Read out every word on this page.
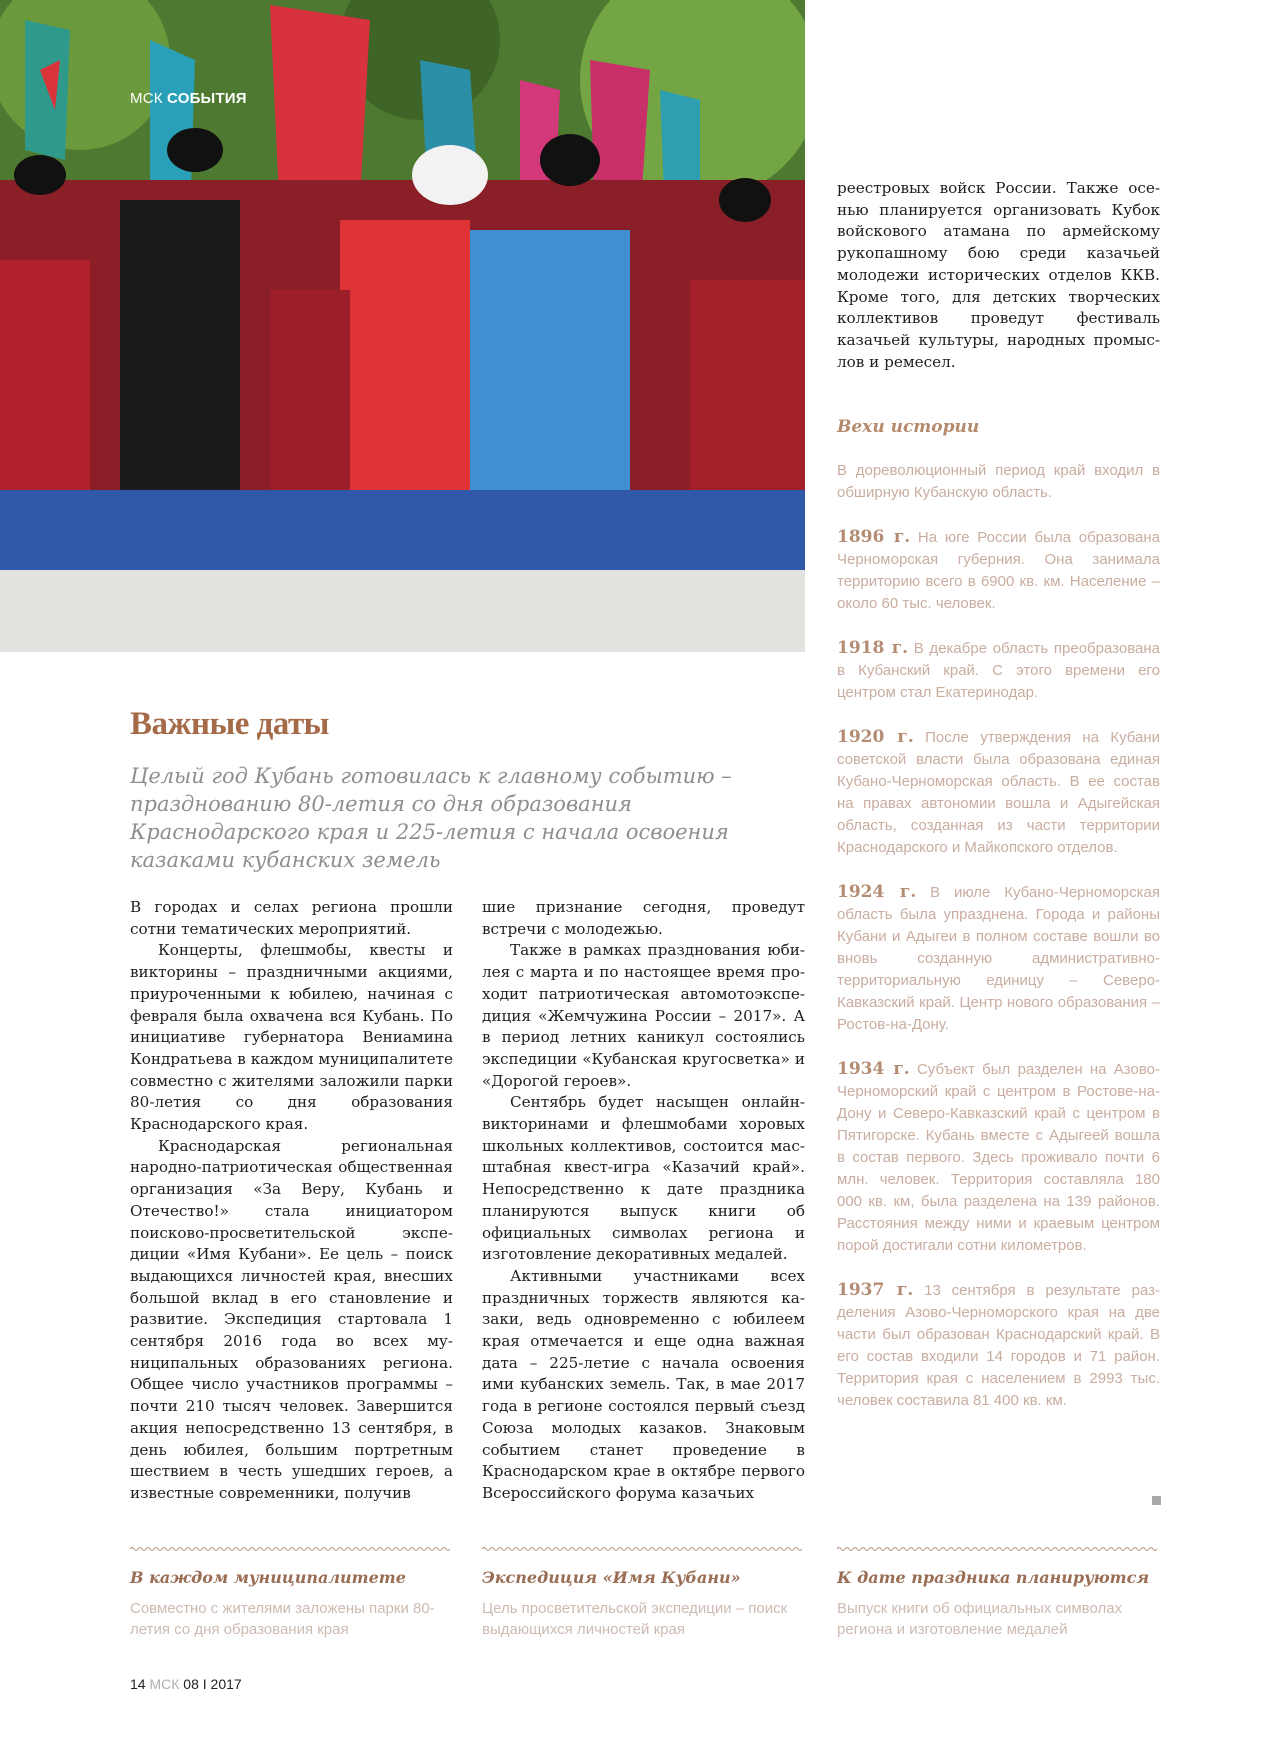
МСК СОБЫТИЯ
Важные даты

Целый год Кубань готовилась к главному событию – празднованию 80-летия со дня образования Краснодарского края и 225-летия с начала освоения казаками кубанских земель

В городах и селах региона прошли сотни тематических мероприятий.

Концерты, флешмобы, квесты и викторины – праздничными акциями, приуроченными к юбилею, начиная с февраля была охвачена вся Кубань. По инициативе губернатора Вениамина Кондратьева в каждом муниципалитете совместно с жителями заложили парки 80-летия со дня образования Краснодарского края.

Краснодарская региональная народно-патриотическая общественная организация «За Веру, Кубань и Отечество!» стала инициатором поисково-просветительской экспедиции «Имя Кубани». Ее цель – поиск выдающихся личностей края, внесших большой вклад в его становление и развитие. Экспедиция стартовала 1 сентября 2016 года во всех муниципальных образованиях региона. Общее число участников программы – почти 210 тысяч человек. Завершится акция непосредственно 13 сентября, в день юбилея, большим портретным шествием в честь ушедших героев, а известные современники, получив

шие признание сегодня, проведут встречи с молодежью.

Также в рамках празднования юбилея с марта и по настоящее время проходит патриотическая автомотоэкспедиция «Жемчужина России – 2017». А в период летних каникул состоялись экспедиции «Кубанская кругосветка» и «Дорогой героев».

Сентябрь будет насыщен онлайн-викторинами и флешмобами хоровых школьных коллективов, состоится масштабная квест-игра «Казачий край». Непосредственно к дате праздника планируются выпуск книги об официальных символах региона и изготовление декоративных медалей.

Активными участниками всех праздничных торжеств являются казаки, ведь одновременно с юбилеем края отмечается и еще одна важная дата – 225-летие с начала освоения ими кубанских земель. Так, в мае 2017 года в регионе состоялся первый съезд Союза молодых казаков. Знаковым событием станет проведение в Краснодарском крае в октябре первого Всероссийского форума казачьих

реестровых войск России. Также осенью планируется организовать Кубок войскового атамана по армейскому рукопашному бою среди казачьей молодежи исторических отделов ККВ. Кроме того, для детских творческих коллективов проведут фестиваль казачьей культуры, народных промыслов и ремесел.

Вехи истории

В дореволюционный период край входил в обширную Кубанскую область.

1896 г. На юге России была образована Черноморская губерния. Она занимала территорию всего в 6900 кв. км. Население – около 60 тыс. человек.

1918 г. В декабре область преобразована в Кубанский край. С этого времени его центром стал Екатеринодар.

1920 г. После утверждения на Кубани советской власти была образована единая Кубано-Черноморская область. В ее состав на правах автономии вошла и Адыгейская область, созданная из части территории Краснодарского и Майкопского отделов.

1924 г. В июле Кубано-Черноморская область была упразднена. Города и районы Кубани и Адыгеи в полном составе вошли во вновь созданную административно-территориальную единицу – Северо-Кавказский край. Центр нового образования – Ростов-на-Дону.

1934 г. Субъект был разделен на Азово-Черноморский край с центром в Ростове-на-Дону и Северо-Кавказский край с центром в Пятигорске. Кубань вместе с Адыгеей вошла в состав первого. Здесь проживало почти 6 млн. человек. Территория составляла 180 000 кв. км, была разделена на 139 районов. Расстояния между ними и краевым центром порой достигали сотни километров.

1937 г. 13 сентября в результате разделения Азово-Черноморского края на две части был образован Краснодарский край. В его состав входили 14 городов и 71 район. Территория края с населением в 2993 тыс. человек составила 81 400 кв. км.

В каждом муниципалитете

Совместно с жителями заложены парки 80-летия со дня образования края

Экспедиция «Имя Кубани»

Цель просветительской экспедиции – поиск выдающихся личностей края

К дате праздника планируются

Выпуск книги об официальных символах региона и изготовление медалей

14 МСК 08 I 2017
